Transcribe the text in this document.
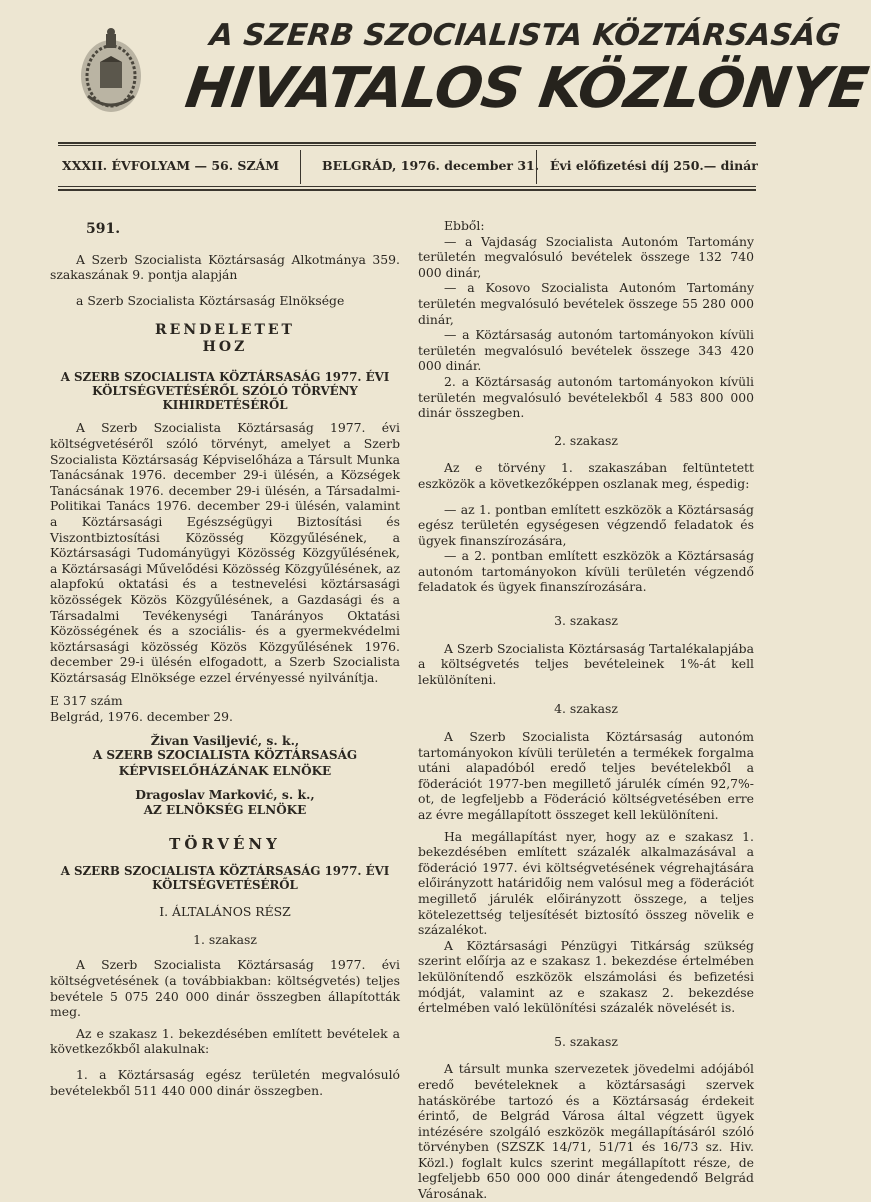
A SZERB SZOCIALISTA KÖZTÁRSASÁG
HIVATALOS KÖZLÖNYE
XXXII. ÉVFOLYAM — 56. SZÁM	BELGRÁD, 1976. december 31. Évi előfizetési díj 250.— dinár

591.

A Szerb Szocialista Köztársaság Alkotmánya 359. szakaszának 9. pontja alapján

a Szerb Szocialista Köztársaság Elnöksége

RENDELETET

HOZ

A SZERB SZOCIALISTA KÖZTÁRSASÁG 1977. ÉVI KÖLTSÉGVETÉSÉRŐL SZÓLÓ TÖRVÉNY KIHIRDETÉSÉRŐL

A Szerb Szocialista Köztársaság 1977. évi költségvetéséről szóló törvényt, amelyet a Szerb Szocialista Köztársaság Képviselőháza a Társult Munka Tanácsának 1976. december 29-i ülésén, a Községek Tanácsának 1976. december 29-i ülésén, a Társadalmi-Politikai Tanács 1976. december 29-i ülésén, valamint a Köztársasági Egészségügyi Biztosítási és Viszontbiztosítási Közösség Közgyűlésének, a Köztársasági Tudományügyi Közösség Közgyűlésének, a Köztársasági Művelődési Közösség Közgyűlésének, az alapfokú oktatási és a testnevelési köztársasági közösségek Közös Közgyűlésének, a Gazdasági és a Társadalmi Tevékenységi Tanárányos Oktatási Közösségének és a szociális- és a gyermekvédelmi köztársasági közösség Közös Közgyűlésének 1976. december 29-i ülésén elfogadott, a Szerb Szocialista Köztársaság Elnöksége ezzel érvényessé nyilvánítja.

E 317 szám

Belgrád, 1976. december 29.

Živan Vasiljević, s. k.,

A SZERB SZOCIALISTA KÖZTÁRSASÁG KÉPVISELŐHÁZÁNAK ELNÖKE

Dragoslav Marković, s. k.,

AZ ELNÖKSÉG ELNÖKE

TÖRVÉNY

A SZERB SZOCIALISTA KÖZTÁRSASÁG 1977. ÉVI KÖLTSÉGVETÉSÉRŐL

I. ÁLTALÁNOS RÉSZ

1. szakasz

A Szerb Szocialista Köztársaság 1977. évi költségvetésének (a továbbiakban: költségvetés) teljes bevétele 5 075 240 000 dinár összegben állapították meg.

Az e szakasz 1. bekezdésében említett bevételek a következőkből alakulnak:

1. a Köztársaság egész területén megvalósuló bevételekből 511 440 000 dinár összegben.

Ebből:

— a Vajdaság Szocialista Autonóm Tartomány területén megvalósuló bevételek összege 132 740 000 dinár,

— a Kosovo Szocialista Autonóm Tartomány területén megvalósuló bevételek összege 55 280 000 dinár,

— a Köztársaság autonóm tartományokon kívüli területén megvalósuló bevételek összege 343 420 000 dinár.

2. a Köztársaság autonóm tartományokon kívüli területén megvalósuló bevételekből 4 583 800 000 dinár összegben.

2. szakasz

Az e törvény 1. szakaszában feltüntetett eszközök a következőképpen oszlanak meg, éspedig:

— az 1. pontban említett eszközök a Köztársaság egész területén egységesen végzendő feladatok és ügyek finanszírozására,

— a 2. pontban említett eszközök a Köztársaság autonóm tartományokon kívüli területén végzendő feladatok és ügyek finanszírozására.

3. szakasz

A Szerb Szocialista Köztársaság Tartalékalapjába a költségvetés teljes bevételeinek 1%-át kell lekülöníteni.

4. szakasz

A Szerb Szocialista Köztársaság autonóm tartományokon kívüli területén a termékek forgalma utáni alapadóból eredő teljes bevételekből a föderációt 1977-ben megillető járulék címén 92,7%-ot, de legfeljebb a Föderáció költségvetésében erre az évre megállapított összeget kell lekülöníteni.

Ha megállapítást nyer, hogy az e szakasz 1. bekezdésében említett százalék alkalmazásával a föderáció 1977. évi költségvetésének végrehajtására előirányzott határidőig nem valósul meg a föderációt megillető járulék előirányzott összege, a teljes kötelezettség teljesítését biztosító összeg növelik e százalékot.

A Köztársasági Pénzügyi Titkárság szükség szerint előírja az e szakasz 1. bekezdése értelmében lekülönítendő eszközök elszámolási és befizetési módját, valamint az e szakasz 2. bekezdése értelmében való lekülönítési százalék növelését is.

5. szakasz

A társult munka szervezetek jövedelmi adójából eredő bevételeknek a köztársasági szervek hatáskörébe tartozó és a Köztársaság érdekeit érintő, de Belgrád Városa által végzett ügyek intézésére szolgáló eszközök megállapításáról szóló törvényben (SZSZK 14/71, 51/71 és 16/73 sz. Hiv. Közl.) foglalt kulcs szerint megállapított része, de legfeljebb 650 000 000 dinár átengedendő Belgrád Városának.
